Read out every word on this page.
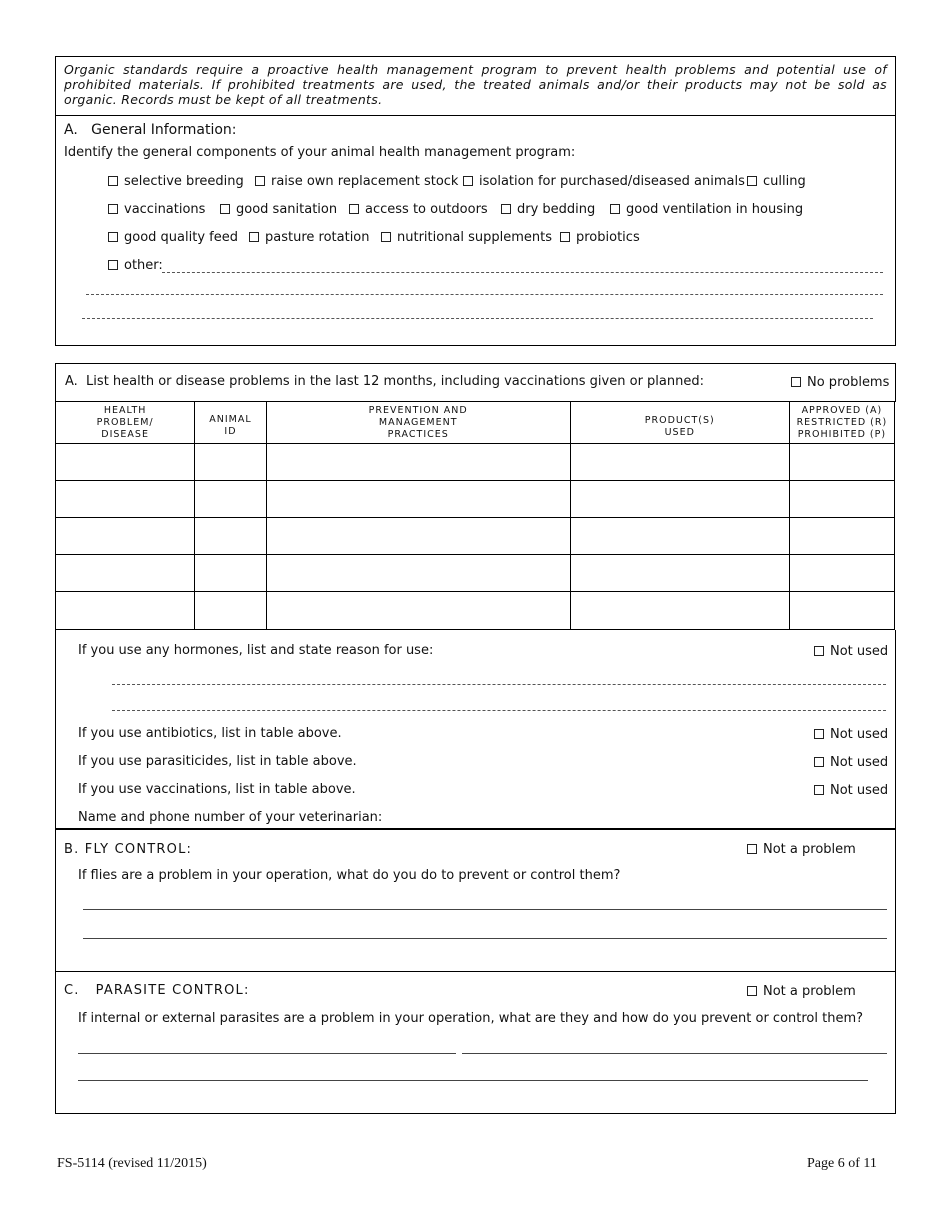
Organic standards require a proactive health management program to prevent health problems and potential use of prohibited materials. If prohibited treatments are used, the treated animals and/or their products may not be sold as organic. Records must be kept of all treatments.
A.   General Information:
Identify the general components of your animal health management program:
selective breeding	raise own replacement stock	isolation for purchased/diseased animals	culling
vaccinations	good sanitation	access to outdoors	dry bedding	good ventilation in housing
good quality feed	pasture rotation	nutritional supplements	probiotics
other:
A.  List health or disease problems in the last 12 months, including vaccinations given or planned:	No problems
HEALTH PROBLEM/ DISEASE	ANIMAL ID	PREVENTION AND MANAGEMENT PRACTICES	PRODUCT(S) USED	APPROVED (A) RESTRICTED (R) PROHIBITED (P)

If you use any hormones, list and state reason for use:	Not used
If you use antibiotics, list in table above.	Not used
If you use parasiticides, list in table above.	Not used
If you use vaccinations, list in table above.	Not used
Name and phone number of your veterinarian:
B. FLY CONTROL:	Not a problem
If flies are a problem in your operation, what do you do to prevent or control them?
C.   PARASITE CONTROL:	Not a problem
If internal or external parasites are a problem in your operation, what are they and how do you prevent or control them?
FS-5114 (revised 11/2015)	Page 6 of 11
